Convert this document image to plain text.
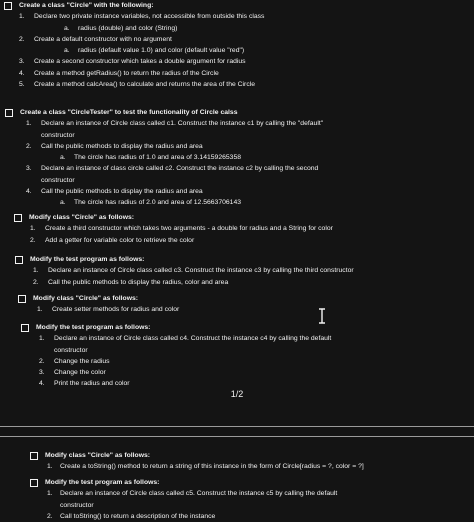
Create a class "Circle" with the following:
1.	Declare two private instance variables, not accessible from outside this class
a.	radius (double) and color (String)
2.	Create a default constructor with no argument
a.	radius (default value 1.0) and color (default value "red")
3.	Create a second constructor which takes a double argument for radius
4.	Create a method getRadius() to return the radius of the Circle
5.	Create a method calcArea() to calculate and returns the area of the Circle
Create a class "CircleTester" to test the functionality of Circle calss
1.	Declare an instance of Circle class called c1. Construct the instance c1 by calling the "default"
constructor
2.	Call the public methods to display the radius and area
a.	The circle has radius of 1.0 and area of 3.14159265358
3.	Declare an instance of class circle called c2. Construct the instance c2 by calling the second
constructor
4.	Call the public methods to display the radius and area
a.	The circle has radius of 2.0 and area of 12.5663706143
Modify class "Circle" as follows:
1.	Create a third constructor which takes two arguments - a double for radius and a String for color
2.	Add a getter for variable color to retrieve the color
Modify the test program as follows:
1.	Declare an instance of Circle class called c3. Construct the instance c3 by calling the third constructor
2.	Call the public methods to display the radius, color and area
Modify class "Circle" as follows:
1.	Create setter methods for radius and color
Modify the test program as follows:
1.	Declare an instance of Circle class called c4. Construct the instance c4 by calling the default
constructor
2.	Change the radius
3.	Change the color
4.	Print the radius and color
1/2
Modify class "Circle" as follows:
1.	Create a toString() method to return a string of this instance in the form of Circle[radius = ?, color = ?]
Modify the test program as follows:
1.	Declare an instance of Circle class called c5. Construct the instance c5 by calling the default
constructor
2.	Call toString() to return a description of the instance
